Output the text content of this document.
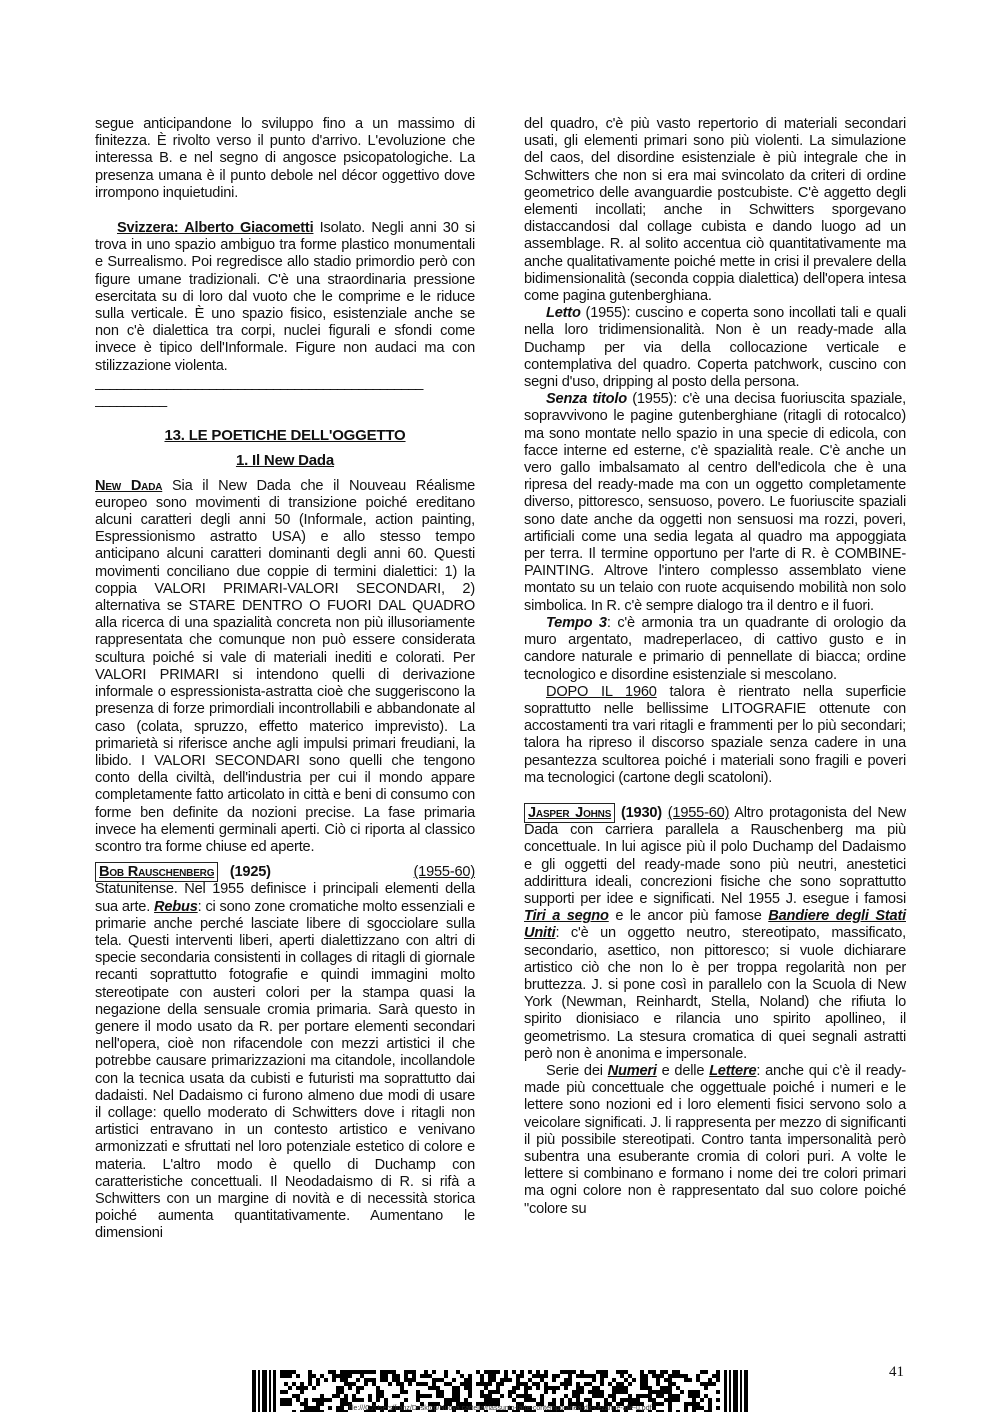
segue anticipandone lo sviluppo fino a un massimo di finitezza. È rivolto verso il punto d'arrivo. L'evoluzione che interessa B. e nel segno di angosce psicopatologiche. La presenza umana è il punto debole nel décor oggettivo dove irrompono inquietudini.

Svizzera: Alberto Giacometti Isolato. Negli anni 30 si trova in uno spazio ambiguo tra forme plastico monumentali e Surrealismo. Poi regredisce allo stadio primordio però con figure umane tradizionali. C'è una straordinaria pressione esercitata su di loro dal vuoto che le comprime e le riduce sulla verticale. È uno spazio fisico, esistenziale anche se non c'è dialettica tra corpi, nuclei figurali e sfondi come invece è tipico dell'Informale. Figure non audaci ma con stilizzazione violenta.

______________________________________________

__________

13. LE POETICHE DELL'OGGETTO

1. Il New Dada

New Dada Sia il New Dada che il Nouveau Réalisme europeo sono movimenti di transizione poiché ereditano alcuni caratteri degli anni 50 (Informale, action painting, Espressionismo astratto USA) e allo stesso tempo anticipano alcuni caratteri dominanti degli anni 60. Questi movimenti conciliano due coppie di termini dialettici: 1) la coppia VALORI PRIMARI-VALORI SECONDARI, 2) alternativa se STARE DENTRO O FUORI DAL QUADRO alla ricerca di una spazialità concreta non più illusoriamente rappresentata che comunque non può essere considerata scultura poiché si vale di materiali inediti e colorati. Per VALORI PRIMARI si intendono quelli di derivazione informale o espressionista-astratta cioè che suggeriscono la presenza di forze primordiali incontrollabili e abbandonate al caso (colata, spruzzo, effetto materico imprevisto). La primarietà si riferisce anche agli impulsi primari freudiani, la libido. I VALORI SECONDARI sono quelli che tengono conto della civiltà, dell'industria per cui il mondo appare completamente fatto articolato in città e beni di consumo con forme ben definite da nozioni precise. La fase primaria invece ha elementi germinali aperti. Ciò ci riporta al classico scontro tra forme chiuse ed aperte.

Bob Rauschenberg (1925)	(1955-60)

Statunitense. Nel 1955 definisce i principali elementi della sua arte. Rebus: ci sono zone cromatiche molto essenziali e primarie anche perché lasciate libere di sgocciolare sulla tela. Questi interventi liberi, aperti dialettizzano con altri di specie secondaria consistenti in collages di ritagli di giornale recanti soprattutto fotografie e quindi immagini molto stereotipate con austeri colori per la stampa quasi la negazione della sensuale cromia primaria. Sarà questo in genere il modo usato da R. per portare elementi secondari nell'opera, cioè non rifacendole con mezzi artistici il che potrebbe causare primarizzazioni ma citandole, incollandole con la tecnica usata da cubisti e futuristi ma soprattutto dai dadaisti. Nel Dadaismo ci furono almeno due modi di usare il collage: quello moderato di Schwitters dove i ritagli non artistici entravano in un contesto artistico e venivano armonizzati e sfruttati nel loro potenziale estetico di colore e materia. L'altro modo è quello di Duchamp con caratteristiche concettuali. Il Neodadaismo di R. si rifà a Schwitters con un margine di novità e di necessità storica poiché aumenta quantitativamente. Aumentano le dimensioni

del quadro, c'è più vasto repertorio di materiali secondari usati, gli elementi primari sono più violenti. La simulazione del caos, del disordine esistenziale è più integrale che in Schwitters che non si era mai svincolato da criteri di ordine geometrico delle avanguardie postcubiste. C'è aggetto degli elementi incollati; anche in Schwitters sporgevano distaccandosi dal collage cubista e dando luogo ad un assemblage. R. al solito accentua ciò quantitativamente ma anche qualitativamente poiché mette in crisi il prevalere della bidimensionalità (seconda coppia dialettica) dell'opera intesa come pagina gutenberghiana.

Letto (1955): cuscino e coperta sono incollati tali e quali nella loro tridimensionalità. Non è un ready-made alla Duchamp per via della collocazione verticale e contemplativa del quadro. Coperta patchwork, cuscino con segni d'uso, dripping al posto della persona.

Senza titolo (1955): c'è una decisa fuoriuscita spaziale, sopravvivono le pagine gutenberghiane (ritagli di rotocalco) ma sono montate nello spazio in una specie di edicola, con facce interne ed esterne, c'è spazialità reale. C'è anche un vero gallo imbalsamato al centro dell'edicola che è una ripresa del ready-made ma con un oggetto completamente diverso, pittoresco, sensuoso, povero. Le fuoriuscite spaziali sono date anche da oggetti non sensuosi ma rozzi, poveri, artificiali come una sedia legata al quadro ma appoggiata per terra. Il termine opportuno per l'arte di R. è COMBINE-PAINTING. Altrove l'intero complesso assemblato viene montato su un telaio con ruote acquisendo mobilità non solo simbolica. In R. c'è sempre dialogo tra il dentro e il fuori.

Tempo 3: c'è armonia tra un quadrante di orologio da muro argentato, madreperlaceo, di cattivo gusto e in candore naturale e primario di pennellate di biacca; ordine tecnologico e disordine esistenziale si mescolano.

DOPO IL 1960 talora è rientrato nella superficie soprattutto nelle bellissime LITOGRAFIE ottenute con accostamenti tra vari ritagli e frammenti per lo più secondari; talora ha ripreso il discorso spaziale senza cadere in una pesantezza scultorea poiché i materiali sono fragili e poveri ma tecnologici (cartone degli scatoloni).

Jasper Johns (1930) (1955-60) Altro protagonista del New Dada con carriera parallela a Rauschenberg ma più concettuale. In lui agisce più il polo Duchamp del Dadaismo e gli oggetti del ready-made sono più neutri, anestetici addirittura ideali, concrezioni fisiche che sono soprattutto supporti per idee e significati. Nel 1955 J. esegue i famosi Tiri a segno e le ancor più famose Bandiere degli Stati Uniti: c'è un oggetto neutro, stereotipato, massificato, secondario, asettico, non pittoresco; si vuole dichiarare artistico ciò che non lo è per troppa regolarità non per bruttezza. J. si pone così in parallelo con la Scuola di New York (Newman, Reinhardt, Stella, Noland) che rifiuta lo spirito dionisiaco e rilancia uno spirito apollineo, il geometrismo. La stesura cromatica di quei segnali astratti però non è anonima e impersonale.

Serie dei Numeri e delle Lettere: anche qui c'è il ready-made più concettuale che oggettuale poiché i numeri e le lettere sono nozioni ed i loro elementi fisici servono solo a veicolare significati. J. li rappresenta per mezzo di significanti il più possibile stereotipati. Contro tanta impersonalità però subentra una esuberante cromia di colori puri. A volte le lettere si combinano e formano i nome dei tre colori primari ma ogni colore non è rappresentato dal suo colore poiché "colore su

41
file:///C:/Users/franz/Desktop/Nuova cartella/riassunto-larte-contemporanea-da-cezanne-alle-u.pdf
